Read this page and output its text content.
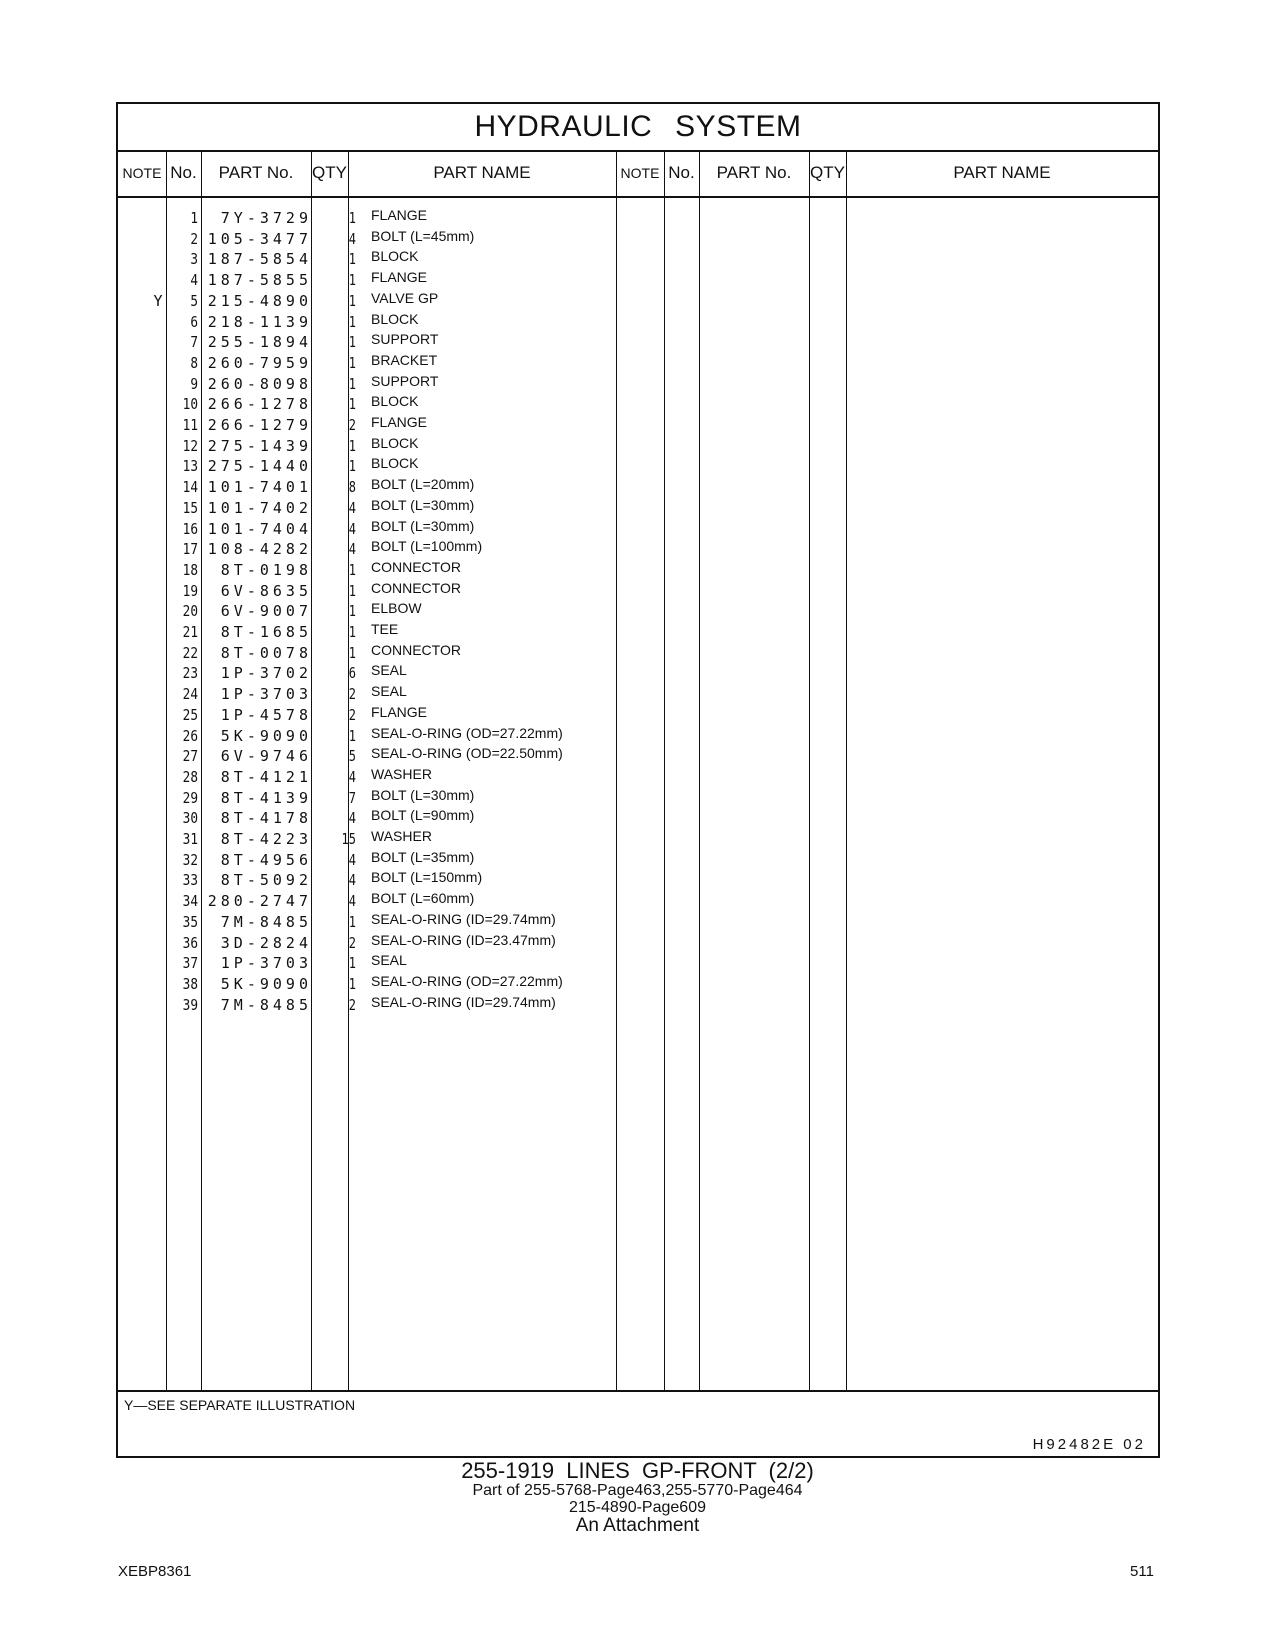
HYDRAULIC SYSTEM
NOTE No.	PART No.	QTY	PART NAME	NOTE No.	PART No.	QTY	PART NAME
1	7Y-3729	1 FLANGE
2 105-3477	4 BOLT (L=45mm)
3 187-5854	1 BLOCK
4 187-5855	1 FLANGE
Y	5 215-4890	1 VALVE GP
6 218-1139	1 BLOCK
7 255-1894	1 SUPPORT
8 260-7959	1 BRACKET
9 260-8098	1 SUPPORT
10 266-1278	1 BLOCK
11 266-1279	2 FLANGE
12 275-1439	1 BLOCK
13 275-1440	1 BLOCK
14 101-7401	8 BOLT (L=20mm)
15 101-7402	4 BOLT (L=30mm)
16 101-7404	4 BOLT (L=30mm)
17 108-4282	4 BOLT (L=100mm)
18	8T-0198	1 CONNECTOR
19	6V-8635	1 CONNECTOR
20	6V-9007	1 ELBOW
21	8T-1685	1 TEE
22	8T-0078	1 CONNECTOR
23	1P-3702	6 SEAL
24	1P-3703	2 SEAL
25	1P-4578	2 FLANGE
26	5K-9090	1 SEAL-O-RING (OD=27.22mm)
27	6V-9746	5 SEAL-O-RING (OD=22.50mm)
28	8T-4121	4 WASHER
29	8T-4139	7 BOLT (L=30mm)
30	8T-4178	4 BOLT (L=90mm)
31	8T-4223	15 WASHER
32	8T-4956	4 BOLT (L=35mm)
33	8T-5092	4 BOLT (L=150mm)
34 280-2747	4 BOLT (L=60mm)
35	7M-8485	1 SEAL-O-RING (ID=29.74mm)
36	3D-2824	2 SEAL-O-RING (ID=23.47mm)
37	1P-3703	1 SEAL
38	5K-9090	1 SEAL-O-RING (OD=27.22mm)
39	7M-8485	2 SEAL-O-RING (ID=29.74mm)
Y—SEE SEPARATE ILLUSTRATION
H92482E 02
255-1919 LINES GP-FRONT (2/2)
Part of 255-5768-Page463,255-5770-Page464
215-4890-Page609
An Attachment
XEBP8361	511
